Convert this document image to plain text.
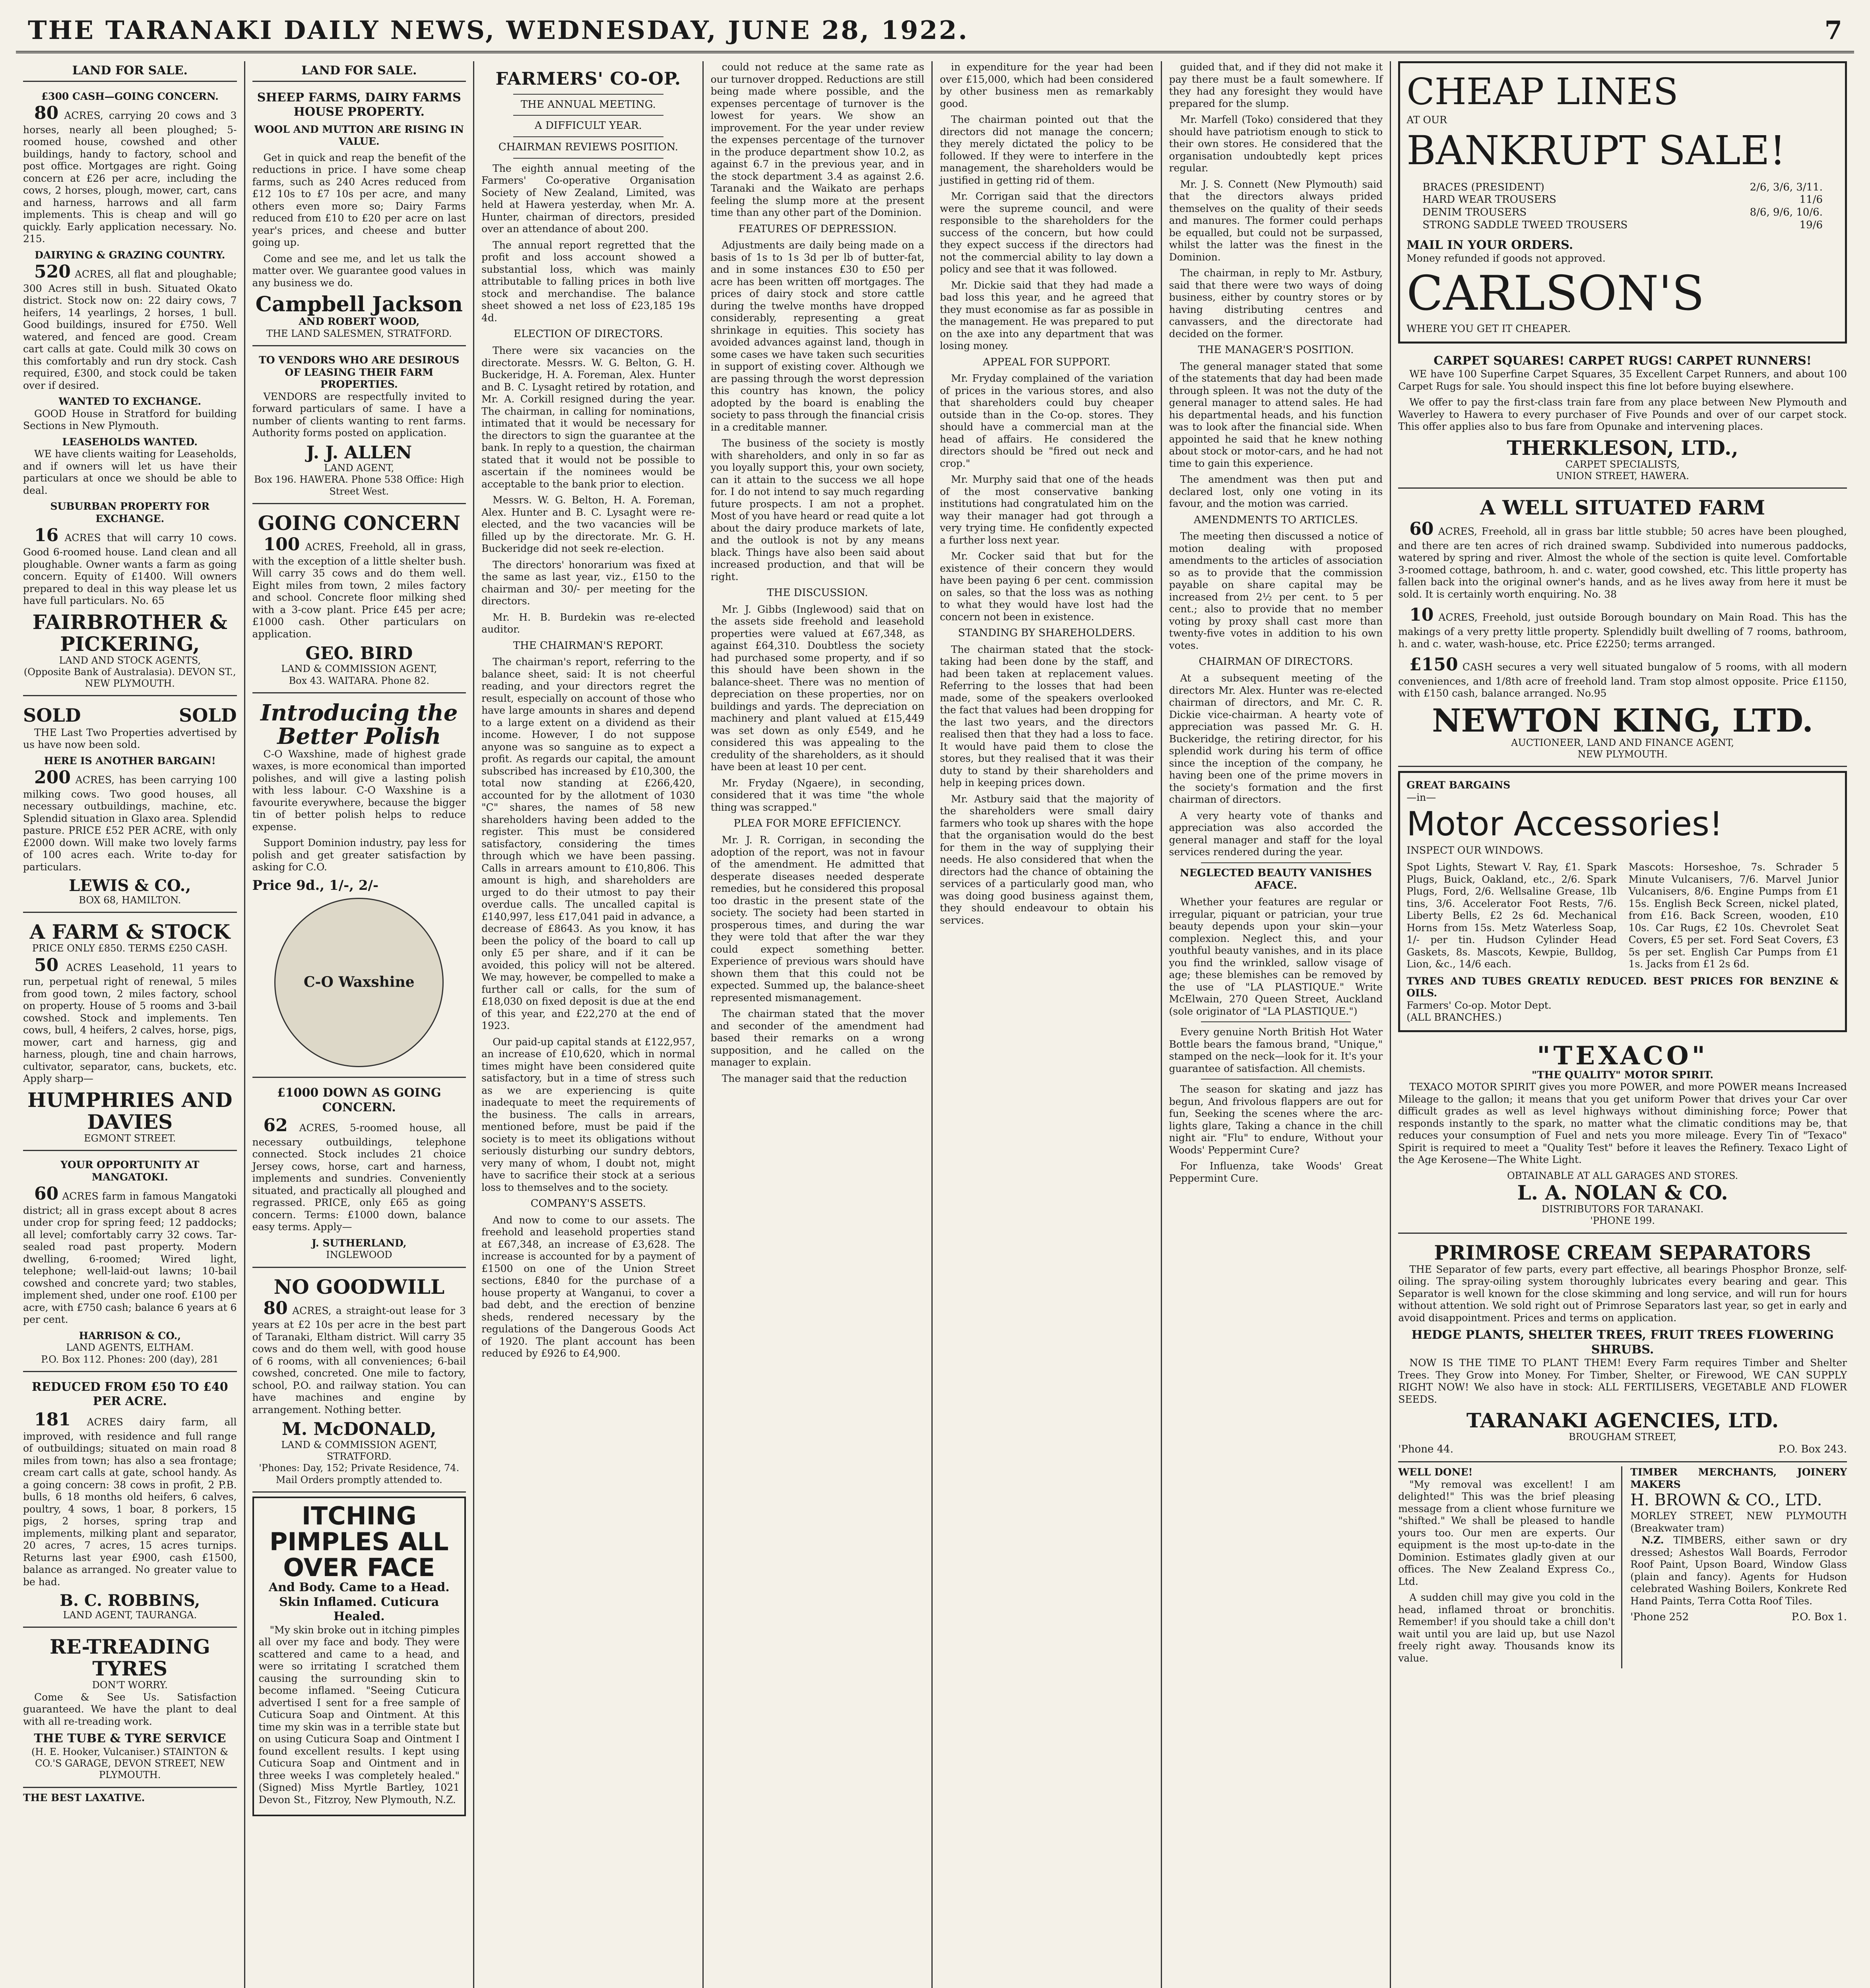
THE TARANAKI DAILY NEWS, WEDNESDAY, JUNE 28, 1922.	7
LAND FOR SALE.
£300 CASH—GOING CONCERN.

80 ACRES, carrying 20 cows and 3 horses, nearly all been ploughed; 5-roomed house, cowshed and other buildings, handy to factory, school and post office. Mortgages are right. Going concern at £26 per acre, including the cows, 2 horses, plough, mower, cart, cans and harness, harrows and all farm implements. This is cheap and will go quickly. Early application necessary. No. 215.

DAIRYING & GRAZING COUNTRY.

520 ACRES, all flat and ploughable; 300 Acres still in bush. Situated Okato district. Stock now on: 22 dairy cows, 7 heifers, 14 yearlings, 2 horses, 1 bull. Good buildings, insured for £750. Well watered, and fenced are good. Cream cart calls at gate. Could milk 30 cows on this comfortably and run dry stock. Cash required, £300, and stock could be taken over if desired.

WANTED TO EXCHANGE.

GOOD House in Stratford for building Sections in New Plymouth.

LEASEHOLDS WANTED.

WE have clients waiting for Leaseholds, and if owners will let us have their particulars at once we should be able to deal.

SUBURBAN PROPERTY FOR EXCHANGE.

16 ACRES that will carry 10 cows. Good 6-roomed house. Land clean and all ploughable. Owner wants a farm as going concern. Equity of £1400. Will owners prepared to deal in this way please let us have full particulars. No. 65

FAIRBROTHER & PICKERING,
LAND AND STOCK AGENTS,
(Opposite Bank of Australasia). DEVON ST., NEW PLYMOUTH.
SOLD	SOLD

THE Last Two Properties advertised by us have now been sold.

HERE IS ANOTHER BARGAIN!

200 ACRES, has been carrying 100 milking cows. Two good houses, all necessary outbuildings, machine, etc. Splendid situation in Glaxo area. Splendid pasture. PRICE £52 PER ACRE, with only £2000 down. Will make two lovely farms of 100 acres each. Write to-day for particulars.

LEWIS & CO.,
BOX 68, HAMILTON.
A FARM & STOCK
PRICE ONLY £850. TERMS £250 CASH.

50 ACRES Leasehold, 11 years to run, perpetual right of renewal, 5 miles from good town, 2 miles factory, school on property. House of 5 rooms and 3-bail cowshed. Stock and implements. Ten cows, bull, 4 heifers, 2 calves, horse, pigs, mower, cart and harness, gig and harness, plough, tine and chain harrows, cultivator, separator, cans, buckets, etc. Apply sharp—

HUMPHRIES AND DAVIES
EGMONT STREET.
YOUR OPPORTUNITY AT MANGATOKI.

60 ACRES farm in famous Mangatoki district; all in grass except about 8 acres under crop for spring feed; 12 paddocks; all level; comfortably carry 32 cows. Tar-sealed road past property. Modern dwelling, 6-roomed; Wired light, telephone; well-laid-out lawns; 10-bail cowshed and concrete yard; two stables, implement shed, under one roof. £100 per acre, with £750 cash; balance 6 years at 6 per cent.

HARRISON & CO.,
LAND AGENTS, ELTHAM.
P.O. Box 112. Phones: 200 (day), 281
REDUCED FROM £50 TO £40 PER ACRE.

181 ACRES dairy farm, all improved, with residence and full range of outbuildings; situated on main road 8 miles from town; has also a sea frontage; cream cart calls at gate, school handy. As a going concern: 38 cows in profit, 2 P.B. bulls, 6 18 months old heifers, 6 calves, poultry, 4 sows, 1 boar, 8 porkers, 15 pigs, 2 horses, spring trap and implements, milking plant and separator, 20 acres, 7 acres, 15 acres turnips. Returns last year £900, cash £1500, balance as arranged. No greater value to be had.

B. C. ROBBINS,
LAND AGENT, TAURANGA.
RE-TREADING TYRES
DON'T WORRY.

Come & See Us. Satisfaction guaranteed. We have the plant to deal with all re-treading work.

THE TUBE & TYRE SERVICE
(H. E. Hooker, Vulcaniser.) STAINTON & CO.'S GARAGE, DEVON STREET, NEW PLYMOUTH.
THE BEST LAXATIVE.
LAND FOR SALE.
SHEEP FARMS, DAIRY FARMS HOUSE PROPERTY.
WOOL AND MUTTON ARE RISING IN VALUE.

Get in quick and reap the benefit of the reductions in price. I have some cheap farms, such as 240 Acres reduced from £12 10s to £7 10s per acre, and many others even more so; Dairy Farms reduced from £10 to £20 per acre on last year's prices, and cheese and butter going up.

Come and see me, and let us talk the matter over. We guarantee good values in any business we do.

Campbell Jackson
AND ROBERT WOOD,
THE LAND SALESMEN, STRATFORD.
TO VENDORS WHO ARE DESIROUS OF LEASING THEIR FARM PROPERTIES.

VENDORS are respectfully invited to forward particulars of same. I have a number of clients wanting to rent farms. Authority forms posted on application.

J. J. ALLEN
LAND AGENT,
Box 196. HAWERA. Phone 538 Office: High Street West.
GOING CONCERN

100 ACRES, Freehold, all in grass, with the exception of a little shelter bush. Will carry 35 cows and do them well. Eight miles from town, 2 miles factory and school. Concrete floor milking shed with a 3-cow plant. Price £45 per acre; £1000 cash. Other particulars on application.

GEO. BIRD
LAND & COMMISSION AGENT,
Box 43. WAITARA. Phone 82.
Introducing the Better Polish

C-O Waxshine, made of highest grade waxes, is more economical than imported polishes, and will give a lasting polish with less labour. C-O Waxshine is a favourite everywhere, because the bigger tin of better polish helps to reduce expense.

Support Dominion industry, pay less for polish and get greater satisfaction by asking for C.O.

Price 9d., 1/-, 2/-
C-O Waxshine
£1000 DOWN AS GOING CONCERN.

62 ACRES, 5-roomed house, all necessary outbuildings, telephone connected. Stock includes 21 choice Jersey cows, horse, cart and harness, implements and sundries. Conveniently situated, and practically all ploughed and regrassed. PRICE, only £65 as going concern. Terms: £1000 down, balance easy terms. Apply—

J. SUTHERLAND,
INGLEWOOD
NO GOODWILL

80 ACRES, a straight-out lease for 3 years at £2 10s per acre in the best part of Taranaki, Eltham district. Will carry 35 cows and do them well, with good house of 6 rooms, with all conveniences; 6-bail cowshed, concreted. One mile to factory, school, P.O. and railway station. You can have machines and engine by arrangement. Nothing better.

M. McDONALD,
LAND & COMMISSION AGENT, STRATFORD.
'Phones: Day, 152; Private Residence, 74. Mail Orders promptly attended to.
ITCHING PIMPLES ALL OVER FACE
And Body. Came to a Head. Skin Inflamed. Cuticura Healed.

"My skin broke out in itching pimples all over my face and body. They were scattered and came to a head, and were so irritating I scratched them causing the surrounding skin to become inflamed. "Seeing Cuticura advertised I sent for a free sample of Cuticura Soap and Ointment. At this time my skin was in a terrible state but on using Cuticura Soap and Ointment I found excellent results. I kept using Cuticura Soap and Ointment and in three weeks I was completely healed." (Signed) Miss Myrtle Bartley, 1021 Devon St., Fitzroy, New Plymouth, N.Z.

FARMERS' CO-OP.
THE ANNUAL MEETING.
A DIFFICULT YEAR.
CHAIRMAN REVIEWS POSITION.

The eighth annual meeting of the Farmers' Co-operative Organisation Society of New Zealand, Limited, was held at Hawera yesterday, when Mr. A. Hunter, chairman of directors, presided over an attendance of about 200.

The annual report regretted that the profit and loss account showed a substantial loss, which was mainly attributable to falling prices in both live stock and merchandise. The balance sheet showed a net loss of £23,185 19s 4d.

ELECTION OF DIRECTORS.

There were six vacancies on the directorate. Messrs. W. G. Belton, G. H. Buckeridge, H. A. Foreman, Alex. Hunter and B. C. Lysaght retired by rotation, and Mr. A. Corkill resigned during the year. The chairman, in calling for nominations, intimated that it would be necessary for the directors to sign the guarantee at the bank. In reply to a question, the chairman stated that it would not be possible to ascertain if the nominees would be acceptable to the bank prior to election.

Messrs. W. G. Belton, H. A. Foreman, Alex. Hunter and B. C. Lysaght were re-elected, and the two vacancies will be filled up by the directorate. Mr. G. H. Buckeridge did not seek re-election.

The directors' honorarium was fixed at the same as last year, viz., £150 to the chairman and 30/- per meeting for the directors.

Mr. H. B. Burdekin was re-elected auditor.

THE CHAIRMAN'S REPORT.

The chairman's report, referring to the balance sheet, said: It is not cheerful reading, and your directors regret the result, especially on account of those who have large amounts in shares and depend to a large extent on a dividend as their income. However, I do not suppose anyone was so sanguine as to expect a profit. As regards our capital, the amount subscribed has increased by £10,300, the total now standing at £266,420, accounted for by the allotment of 1030 "C" shares, the names of 58 new shareholders having been added to the register. This must be considered satisfactory, considering the times through which we have been passing. Calls in arrears amount to £10,806. This amount is high, and shareholders are urged to do their utmost to pay their overdue calls. The uncalled capital is £140,997, less £17,041 paid in advance, a decrease of £8643. As you know, it has been the policy of the board to call up only £5 per share, and if it can be avoided, this policy will not be altered. We may, however, be compelled to make a further call or calls, for the sum of £18,030 on fixed deposit is due at the end of this year, and £22,270 at the end of 1923.

Our paid-up capital stands at £122,957, an increase of £10,620, which in normal times might have been considered quite satisfactory, but in a time of stress such as we are experiencing is quite inadequate to meet the requirements of the business. The calls in arrears, mentioned before, must be paid if the society is to meet its obligations without seriously disturbing our sundry debtors, very many of whom, I doubt not, might have to sacrifice their stock at a serious loss to themselves and to the society.

COMPANY'S ASSETS.

And now to come to our assets. The freehold and leasehold properties stand at £67,348, an increase of £3,628. The increase is accounted for by a payment of £1500 on one of the Union Street sections, £840 for the purchase of a house property at Wanganui, to cover a bad debt, and the erection of benzine sheds, rendered necessary by the regulations of the Dangerous Goods Act of 1920. The plant account has been reduced by £926 to £4,900.

could not reduce at the same rate as our turnover dropped. Reductions are still being made where possible, and the expenses percentage of turnover is the lowest for years. We show an improvement. For the year under review the expenses percentage of the turnover in the produce department show 10.2, as against 6.7 in the previous year, and in the stock department 3.4 as against 2.6. Taranaki and the Waikato are perhaps feeling the slump more at the present time than any other part of the Dominion.

FEATURES OF DEPRESSION.

Adjustments are daily being made on a basis of 1s to 1s 3d per lb of butter-fat, and in some instances £30 to £50 per acre has been written off mortgages. The prices of dairy stock and store cattle during the twelve months have dropped considerably, representing a great shrinkage in equities. This society has avoided advances against land, though in some cases we have taken such securities in support of existing cover. Although we are passing through the worst depression this country has known, the policy adopted by the board is enabling the society to pass through the financial crisis in a creditable manner.

The business of the society is mostly with shareholders, and only in so far as you loyally support this, your own society, can it attain to the success we all hope for. I do not intend to say much regarding future prospects. I am not a prophet. Most of you have heard or read quite a lot about the dairy produce markets of late, and the outlook is not by any means black. Things have also been said about increased production, and that will be right.

THE DISCUSSION.

Mr. J. Gibbs (Inglewood) said that on the assets side freehold and leasehold properties were valued at £67,348, as against £64,310. Doubtless the society had purchased some property, and if so this should have been shown in the balance-sheet. There was no mention of depreciation on these properties, nor on buildings and yards. The depreciation on machinery and plant valued at £15,449 was set down as only £549, and he considered this was appealing to the credulity of the shareholders, as it should have been at least 10 per cent.

Mr. Fryday (Ngaere), in seconding, considered that it was time "the whole thing was scrapped."

PLEA FOR MORE EFFICIENCY.

Mr. J. R. Corrigan, in seconding the adoption of the report, was not in favour of the amendment. He admitted that desperate diseases needed desperate remedies, but he considered this proposal too drastic in the present state of the society. The society had been started in prosperous times, and during the war they were told that after the war they could expect something better. Experience of previous wars should have shown them that this could not be expected. Summed up, the balance-sheet represented mismanagement.

The chairman stated that the mover and seconder of the amendment had based their remarks on a wrong supposition, and he called on the manager to explain.

The manager said that the reduction

in expenditure for the year had been over £15,000, which had been considered by other business men as remarkably good.

The chairman pointed out that the directors did not manage the concern; they merely dictated the policy to be followed. If they were to interfere in the management, the shareholders would be justified in getting rid of them.

Mr. Corrigan said that the directors were the supreme council, and were responsible to the shareholders for the success of the concern, but how could they expect success if the directors had not the commercial ability to lay down a policy and see that it was followed.

Mr. Dickie said that they had made a bad loss this year, and he agreed that they must economise as far as possible in the management. He was prepared to put on the axe into any department that was losing money.

APPEAL FOR SUPPORT.

Mr. Fryday complained of the variation of prices in the various stores, and also that shareholders could buy cheaper outside than in the Co-op. stores. They should have a commercial man at the head of affairs. He considered the directors should be "fired out neck and crop."

Mr. Murphy said that one of the heads of the most conservative banking institutions had congratulated him on the way their manager had got through a very trying time. He confidently expected a further loss next year.

Mr. Cocker said that but for the existence of their concern they would have been paying 6 per cent. commission on sales, so that the loss was as nothing to what they would have lost had the concern not been in existence.

STANDING BY SHAREHOLDERS.

The chairman stated that the stock-taking had been done by the staff, and had been taken at replacement values. Referring to the losses that had been made, some of the speakers overlooked the fact that values had been dropping for the last two years, and the directors realised then that they had a loss to face. It would have paid them to close the stores, but they realised that it was their duty to stand by their shareholders and help in keeping prices down.

Mr. Astbury said that the majority of the shareholders were small dairy farmers who took up shares with the hope that the organisation would do the best for them in the way of supplying their needs. He also considered that when the directors had the chance of obtaining the services of a particularly good man, who was doing good business against them, they should endeavour to obtain his services.

guided that, and if they did not make it pay there must be a fault somewhere. If they had any foresight they would have prepared for the slump.

Mr. Marfell (Toko) considered that they should have patriotism enough to stick to their own stores. He considered that the organisation undoubtedly kept prices regular.

Mr. J. S. Connett (New Plymouth) said that the directors always prided themselves on the quality of their seeds and manures. The former could perhaps be equalled, but could not be surpassed, whilst the latter was the finest in the Dominion.

The chairman, in reply to Mr. Astbury, said that there were two ways of doing business, either by country stores or by having distributing centres and canvassers, and the directorate had decided on the former.

THE MANAGER'S POSITION.

The general manager stated that some of the statements that day had been made through spleen. It was not the duty of the general manager to attend sales. He had his departmental heads, and his function was to look after the financial side. When appointed he said that he knew nothing about stock or motor-cars, and he had not time to gain this experience.

The amendment was then put and declared lost, only one voting in its favour, and the motion was carried.

AMENDMENTS TO ARTICLES.

The meeting then discussed a notice of motion dealing with proposed amendments to the articles of association so as to provide that the commission payable on share capital may be increased from 2½ per cent. to 5 per cent.; also to provide that no member voting by proxy shall cast more than twenty-five votes in addition to his own votes.

CHAIRMAN OF DIRECTORS.

At a subsequent meeting of the directors Mr. Alex. Hunter was re-elected chairman of directors, and Mr. C. R. Dickie vice-chairman. A hearty vote of appreciation was passed Mr. G. H. Buckeridge, the retiring director, for his splendid work during his term of office since the inception of the company, he having been one of the prime movers in the society's formation and the first chairman of directors.

A very hearty vote of thanks and appreciation was also accorded the general manager and staff for the loyal services rendered during the year.

NEGLECTED BEAUTY VANISHES AFACE.

Whether your features are regular or irregular, piquant or patrician, your true beauty depends upon your skin—your complexion. Neglect this, and your youthful beauty vanishes, and in its place you find the wrinkled, sallow visage of age; these blemishes can be removed by the use of "LA PLASTIQUE." Write McElwain, 270 Queen Street, Auckland (sole originator of "LA PLASTIQUE.")

Every genuine North British Hot Water Bottle bears the famous brand, "Unique," stamped on the neck—look for it. It's your guarantee of satisfaction. All chemists.

The season for skating and jazz has begun, And frivolous flappers are out for fun, Seeking the scenes where the arc-lights glare, Taking a chance in the chill night air. "Flu" to endure, Without your Woods' Peppermint Cure?

For Influenza, take Woods' Great Peppermint Cure.

CHEAP LINES
AT OUR
BANKRUPT SALE!
BRACES (PRESIDENT)	2/6, 3/6, 3/11.
HARD WEAR TROUSERS	11/6
DENIM TROUSERS	8/6, 9/6, 10/6.
STRONG SADDLE TWEED TROUSERS	19/6
MAIL IN YOUR ORDERS.
Money refunded if goods not approved.
CARLSON'S
WHERE YOU GET IT CHEAPER.
CARPET SQUARES! CARPET RUGS! CARPET RUNNERS!

WE have 100 Superfine Carpet Squares, 35 Excellent Carpet Runners, and about 100 Carpet Rugs for sale. You should inspect this fine lot before buying elsewhere.

We offer to pay the first-class train fare from any place between New Plymouth and Waverley to Hawera to every purchaser of Five Pounds and over of our carpet stock. This offer applies also to bus fare from Opunake and intervening places.

THERKLESON, LTD.,
CARPET SPECIALISTS,
UNION STREET, HAWERA.
A WELL SITUATED FARM

60 ACRES, Freehold, all in grass bar little stubble; 50 acres have been ploughed, and there are ten acres of rich drained swamp. Subdivided into numerous paddocks, watered by spring and river. Almost the whole of the section is quite level. Comfortable 3-roomed cottage, bathroom, h. and c. water, good cowshed, etc. This little property has fallen back into the original owner's hands, and as he lives away from here it must be sold. It is certainly worth enquiring. No. 38

10 ACRES, Freehold, just outside Borough boundary on Main Road. This has the makings of a very pretty little property. Splendidly built dwelling of 7 rooms, bathroom, h. and c. water, wash-house, etc. Price £2250; terms arranged.

£150 CASH secures a very well situated bungalow of 5 rooms, with all modern conveniences, and 1/8th acre of freehold land. Tram stop almost opposite. Price £1150, with £150 cash, balance arranged. No.95

NEWTON KING, LTD.
AUCTIONEER, LAND AND FINANCE AGENT,
NEW PLYMOUTH.
GREAT BARGAINS
—in—
Motor Accessories!
INSPECT OUR WINDOWS.
Spot Lights, Stewart V. Ray, £1. Spark Plugs, Buick, Oakland, etc., 2/6. Spark Plugs, Ford, 2/6. Wellsaline Grease, 1lb tins, 3/6. Accelerator Foot Rests, 7/6. Liberty Bells, £2 2s 6d. Mechanical Horns from 15s. Metz Waterless Soap, 1/- per tin. Hudson Cylinder Head Gaskets, 8s. Mascots, Kewpie, Bulldog, Lion, &c., 14/6 each.
Mascots: Horseshoe, 7s. Schrader 5 Minute Vulcanisers, 7/6. Marvel Junior Vulcanisers, 8/6. Engine Pumps from £1 15s. English Beck Screen, nickel plated, from £16. Back Screen, wooden, £10 10s. Car Rugs, £2 10s. Chevrolet Seat Covers, £5 per set. Ford Seat Covers, £3 5s per set. English Car Pumps from £1 1s. Jacks from £1 2s 6d.
TYRES AND TUBES GREATLY REDUCED. BEST PRICES FOR BENZINE & OILS.
Farmers' Co-op. Motor Dept.
(ALL BRANCHES.)
"TEXACO"
"THE QUALITY" MOTOR SPIRIT.

TEXACO MOTOR SPIRIT gives you more POWER, and more POWER means Increased Mileage to the gallon; it means that you get uniform Power that drives your Car over difficult grades as well as level highways without diminishing force; Power that responds instantly to the spark, no matter what the climatic conditions may be, that reduces your consumption of Fuel and nets you more mileage. Every Tin of "Texaco" Spirit is required to meet a "Quality Test" before it leaves the Refinery. Texaco Light of the Age Kerosene—The White Light.

OBTAINABLE AT ALL GARAGES AND STORES.
L. A. NOLAN & CO.
DISTRIBUTORS FOR TARANAKI.
'PHONE 199.
PRIMROSE CREAM SEPARATORS

THE Separator of few parts, every part effective, all bearings Phosphor Bronze, self-oiling. The spray-oiling system thoroughly lubricates every bearing and gear. This Separator is well known for the close skimming and long service, and will run for hours without attention. We sold right out of Primrose Separators last year, so get in early and avoid disappointment. Prices and terms on application.

HEDGE PLANTS, SHELTER TREES, FRUIT TREES FLOWERING SHRUBS.

NOW IS THE TIME TO PLANT THEM! Every Farm requires Timber and Shelter Trees. They Grow into Money. For Timber, Shelter, or Firewood, WE CAN SUPPLY RIGHT NOW! We also have in stock: ALL FERTILISERS, VEGETABLE AND FLOWER SEEDS.

TARANAKI AGENCIES, LTD.
BROUGHAM STREET,
'Phone 44.	P.O. Box 243.
WELL DONE!

"My removal was excellent! I am delighted!" This was the brief pleasing message from a client whose furniture we "shifted." We shall be pleased to handle yours too. Our men are experts. Our equipment is the most up-to-date in the Dominion. Estimates gladly given at our offices. The New Zealand Express Co., Ltd.

A sudden chill may give you cold in the head, inflamed throat or bronchitis. Remember! if you should take a chill don't wait until you are laid up, but use Nazol freely right away. Thousands know its value.

TIMBER MERCHANTS, JOINERY MAKERS
H. BROWN & CO., LTD.
MORLEY STREET, NEW PLYMOUTH (Breakwater tram)

N.Z. TIMBERS, either sawn or dry dressed; Ashestos Wall Boards, Ferrodor Roof Paint, Upson Board, Window Glass (plain and fancy). Agents for Hudson celebrated Washing Boilers, Konkrete Red Hand Paints, Terra Cotta Roof Tiles.

'Phone 252	P.O. Box 1.
